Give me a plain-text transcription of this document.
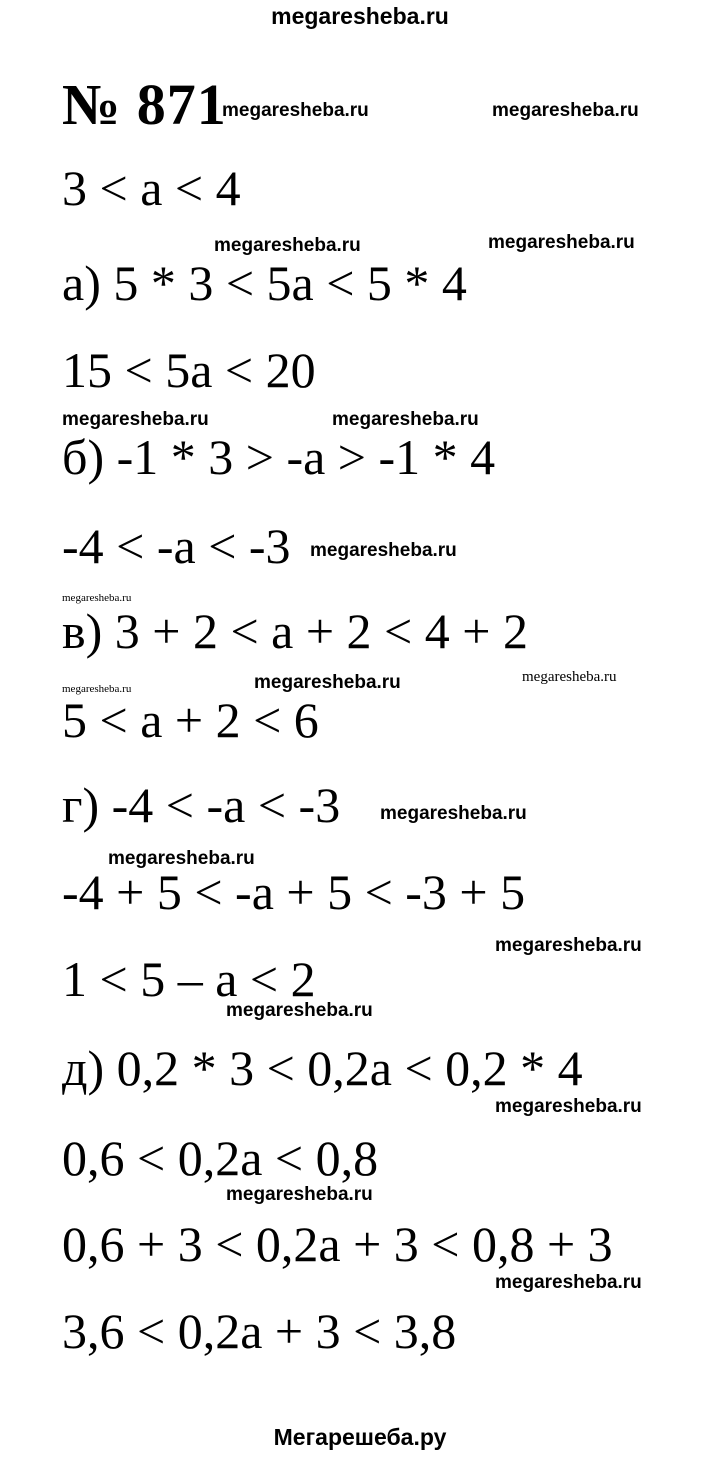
megaresheba.ru
№ 871
3 < a < 4
а) 5 * 3 < 5a < 5 * 4
15 < 5a < 20
б) -1 * 3 > -a > -1 * 4
-4 < -a < -3
в) 3 + 2 < a + 2 < 4 + 2
5 < a + 2 < 6
г) -4 < -a < -3
-4 + 5 < -a + 5 < -3 + 5
1 < 5 – a < 2
д) 0,2 * 3 < 0,2a < 0,2 * 4
0,6 < 0,2a < 0,8
0,6 + 3 < 0,2a + 3 < 0,8 + 3
3,6 < 0,2a + 3 < 3,8
megaresheba.ru	megaresheba.ru
megaresheba.ru	megaresheba.ru
megaresheba.ru	megaresheba.ru
megaresheba.ru
megaresheba.ru
megaresheba.ru	megaresheba.ru	megaresheba.ru
megaresheba.ru
megaresheba.ru
megaresheba.ru
megaresheba.ru
megaresheba.ru
megaresheba.ru
megaresheba.ru
Мегарешеба.ру
